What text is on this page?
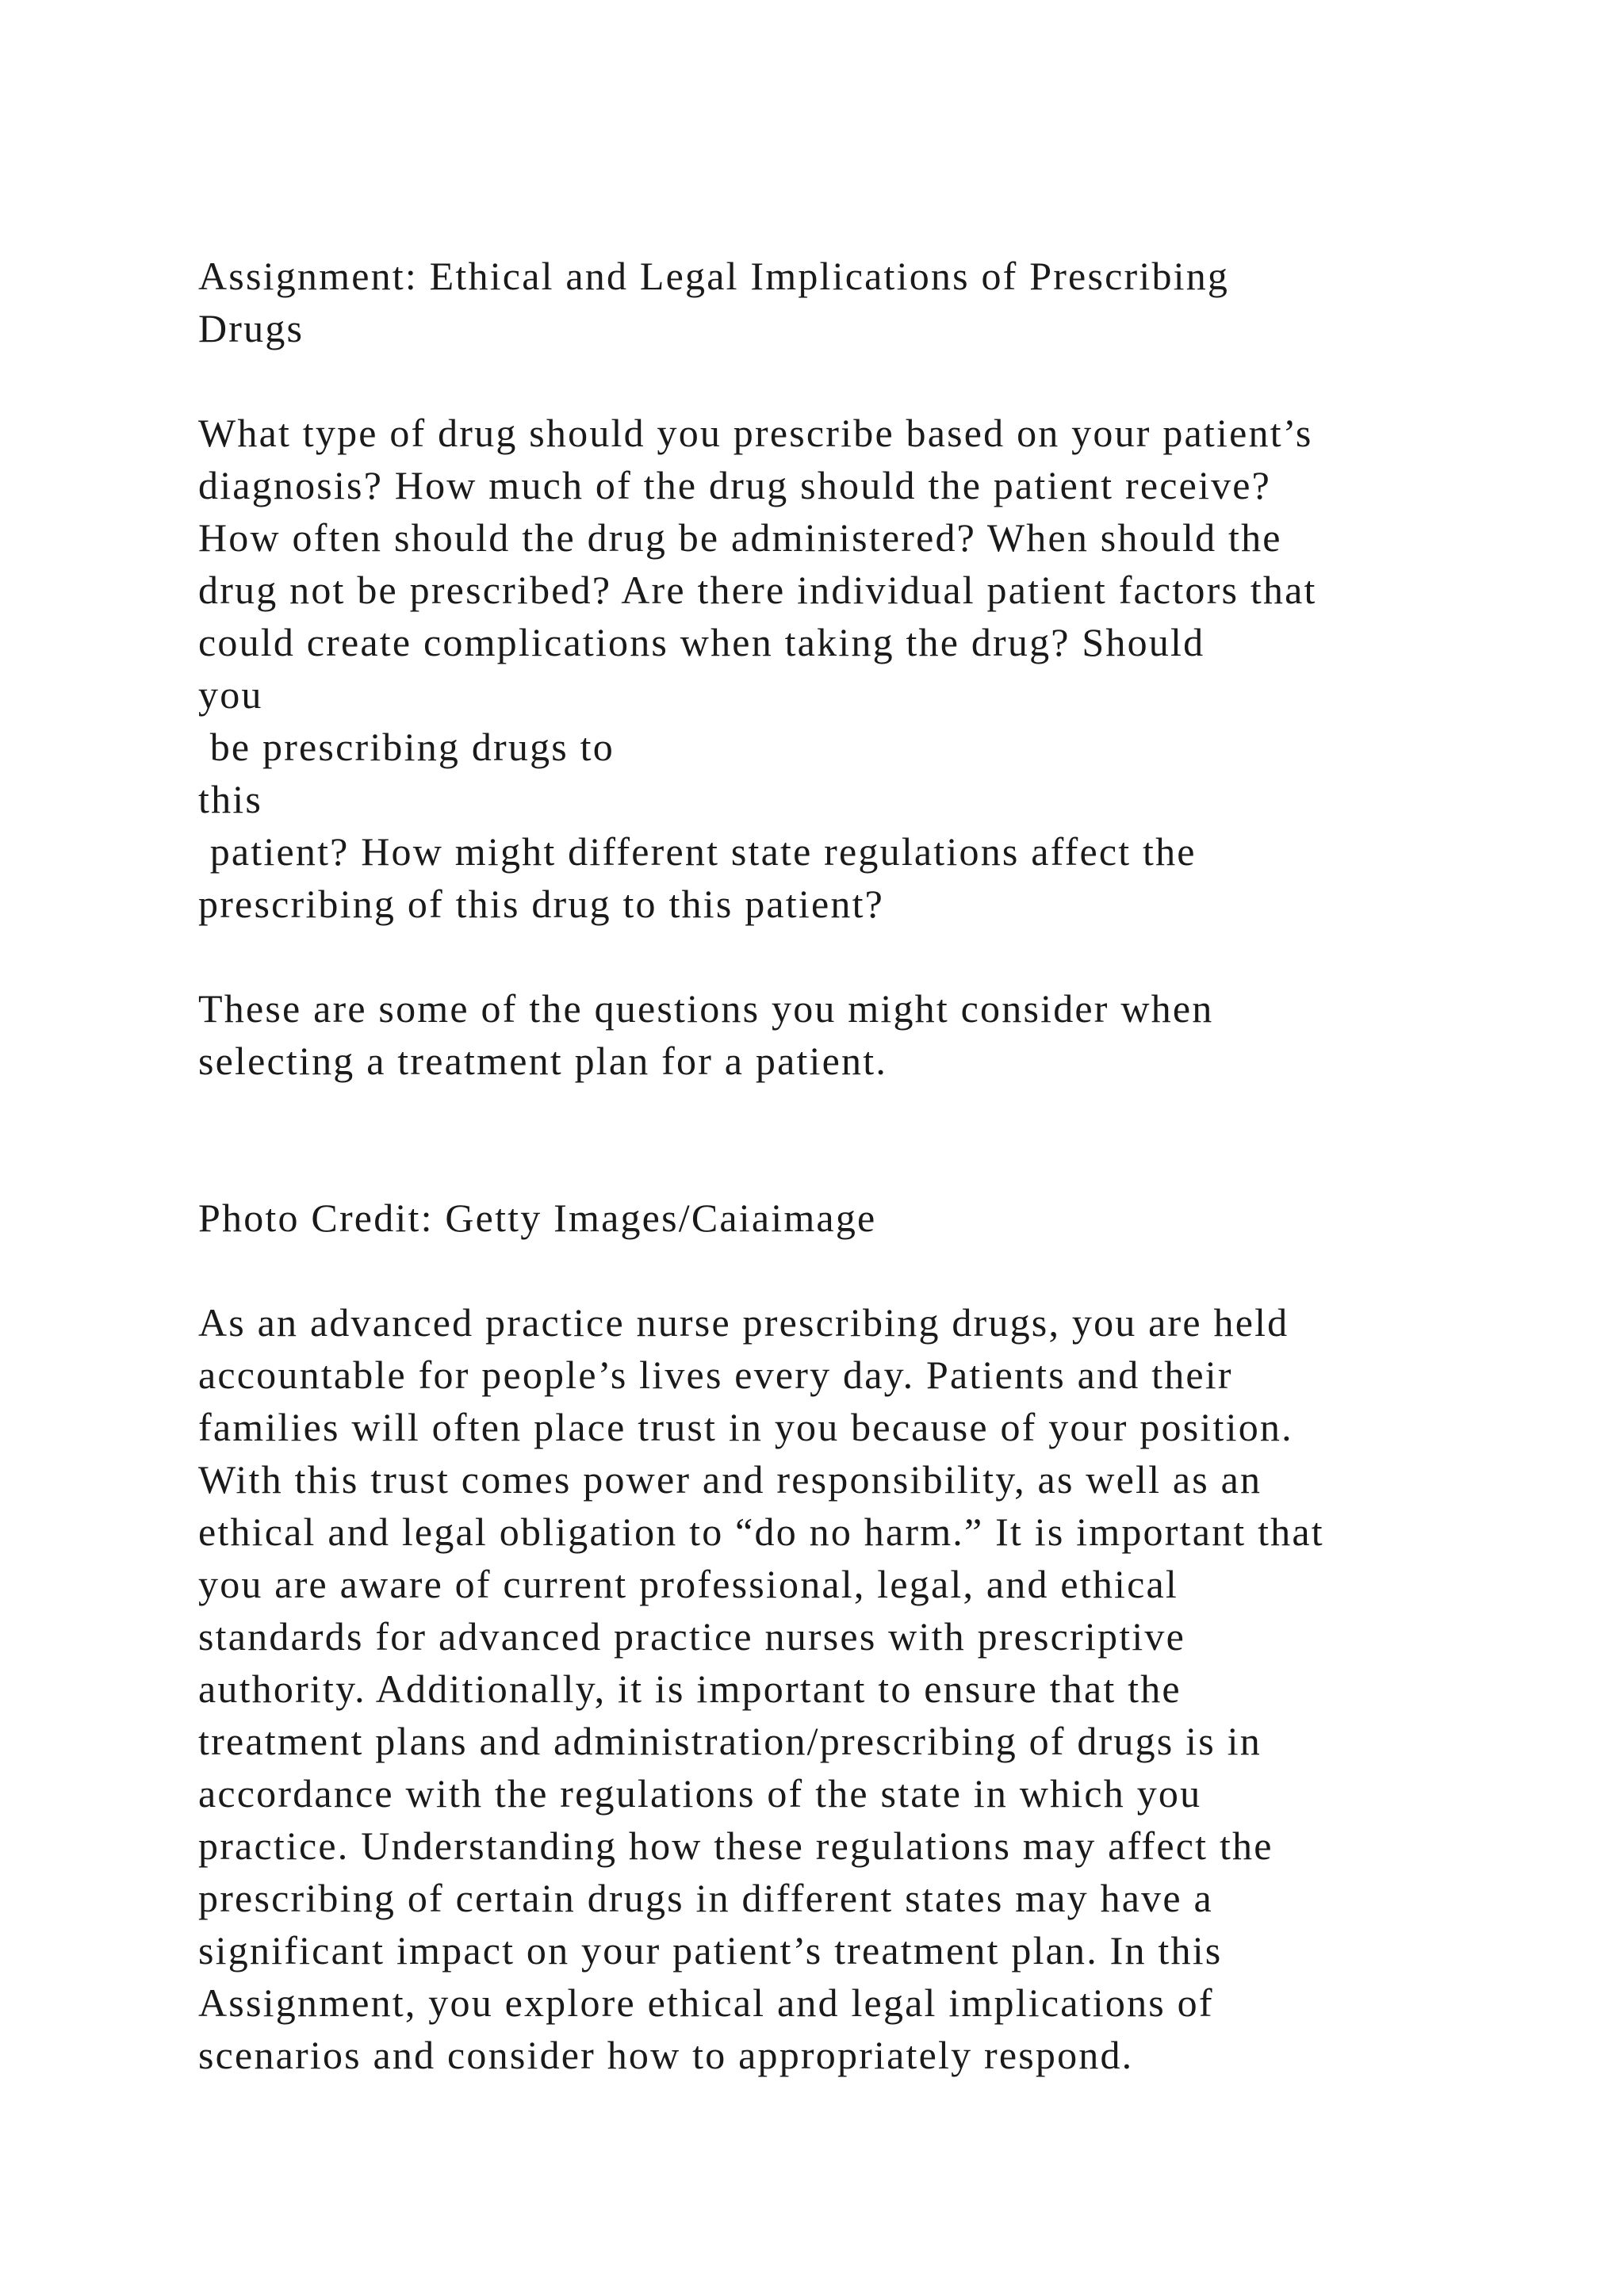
Assignment: Ethical and Legal Implications of Prescribing
Drugs
What type of drug should you prescribe based on your patient’s
diagnosis? How much of the drug should the patient receive?
How often should the drug be administered? When should the
drug not be prescribed? Are there individual patient factors that
could create complications when taking the drug? Should
you
be prescribing drugs to
this
patient? How might different state regulations affect the
prescribing of this drug to this patient?
These are some of the questions you might consider when
selecting a treatment plan for a patient.
Photo Credit: Getty Images/Caiaimage
As an advanced practice nurse prescribing drugs, you are held
accountable for people’s lives every day. Patients and their
families will often place trust in you because of your position.
With this trust comes power and responsibility, as well as an
ethical and legal obligation to “do no harm.” It is important that
you are aware of current professional, legal, and ethical
standards for advanced practice nurses with prescriptive
authority. Additionally, it is important to ensure that the
treatment plans and administration/prescribing of drugs is in
accordance with the regulations of the state in which you
practice. Understanding how these regulations may affect the
prescribing of certain drugs in different states may have a
significant impact on your patient’s treatment plan. In this
Assignment, you explore ethical and legal implications of
scenarios and consider how to appropriately respond.
